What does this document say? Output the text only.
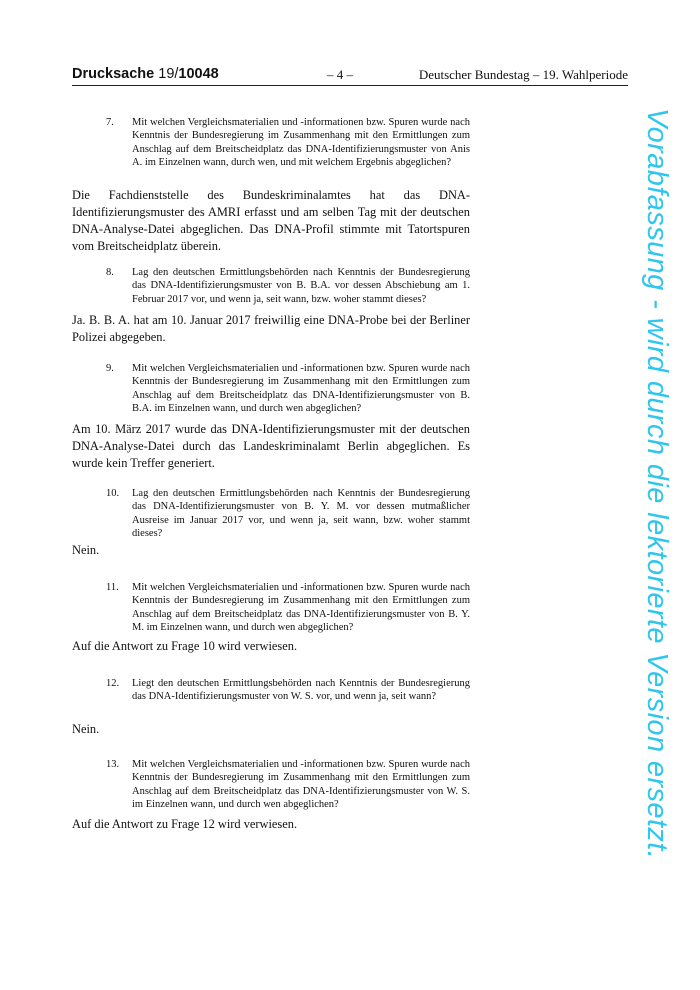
Drucksache 19/10048	– 4 –	Deutscher Bundestag – 19. Wahlperiode
7.	Mit welchen Vergleichsmaterialien und -informationen bzw. Spuren wurde nach Kenntnis der Bundesregierung im Zusammenhang mit den Ermittlungen zum Anschlag auf dem Breitscheidplatz das DNA-Identifizierungsmuster von Anis A. im Einzelnen wann, durch wen, und mit welchem Ergebnis abgeglichen?
Die Fachdienststelle des Bundeskriminalamtes hat das DNA-Identifizierungsmuster des AMRI erfasst und am selben Tag mit der deutschen DNA-Analyse-Datei abgeglichen. Das DNA-Profil stimmte mit Tatortspuren vom Breitscheidplatz überein.
8.	Lag den deutschen Ermittlungsbehörden nach Kenntnis der Bundesregierung das DNA-Identifizierungsmuster von B. B.A. vor dessen Abschiebung am 1. Februar 2017 vor, und wenn ja, seit wann, bzw. woher stammt dieses?
Ja. B. B. A. hat am 10. Januar 2017 freiwillig eine DNA-Probe bei der Berliner Polizei abgegeben.
9.	Mit welchen Vergleichsmaterialien und -informationen bzw. Spuren wurde nach Kenntnis der Bundesregierung im Zusammenhang mit den Ermittlungen zum Anschlag auf dem Breitscheidplatz das DNA-Identifizierungsmuster von B. B.A. im Einzelnen wann, und durch wen abgeglichen?
Am 10. März 2017 wurde das DNA-Identifizierungsmuster mit der deutschen DNA-Analyse-Datei durch das Landeskriminalamt Berlin abgeglichen. Es wurde kein Treffer generiert.
10.	Lag den deutschen Ermittlungsbehörden nach Kenntnis der Bundesregierung das DNA-Identifizierungsmuster von B. Y. M. vor dessen mutmaßlicher Ausreise im Januar 2017 vor, und wenn ja, seit wann, bzw. woher stammt dieses?
Nein.
11.	Mit welchen Vergleichsmaterialien und -informationen bzw. Spuren wurde nach Kenntnis der Bundesregierung im Zusammenhang mit den Ermittlungen zum Anschlag auf dem Breitscheidplatz das DNA-Identifizierungsmuster von B. Y. M. im Einzelnen wann, und durch wen abgeglichen?
Auf die Antwort zu Frage 10 wird verwiesen.
12.	Liegt den deutschen Ermittlungsbehörden nach Kenntnis der Bundesregierung das DNA-Identifizierungsmuster von W. S. vor, und wenn ja, seit wann?
Nein.
13.	Mit welchen Vergleichsmaterialien und -informationen bzw. Spuren wurde nach Kenntnis der Bundesregierung im Zusammenhang mit den Ermittlungen zum Anschlag auf dem Breitscheidplatz das DNA-Identifizierungsmuster von W. S. im Einzelnen wann, und durch wen abgeglichen?
Auf die Antwort zu Frage 12 wird verwiesen.	Vorabfassung - wird durch die lektorierte Version ersetzt.
